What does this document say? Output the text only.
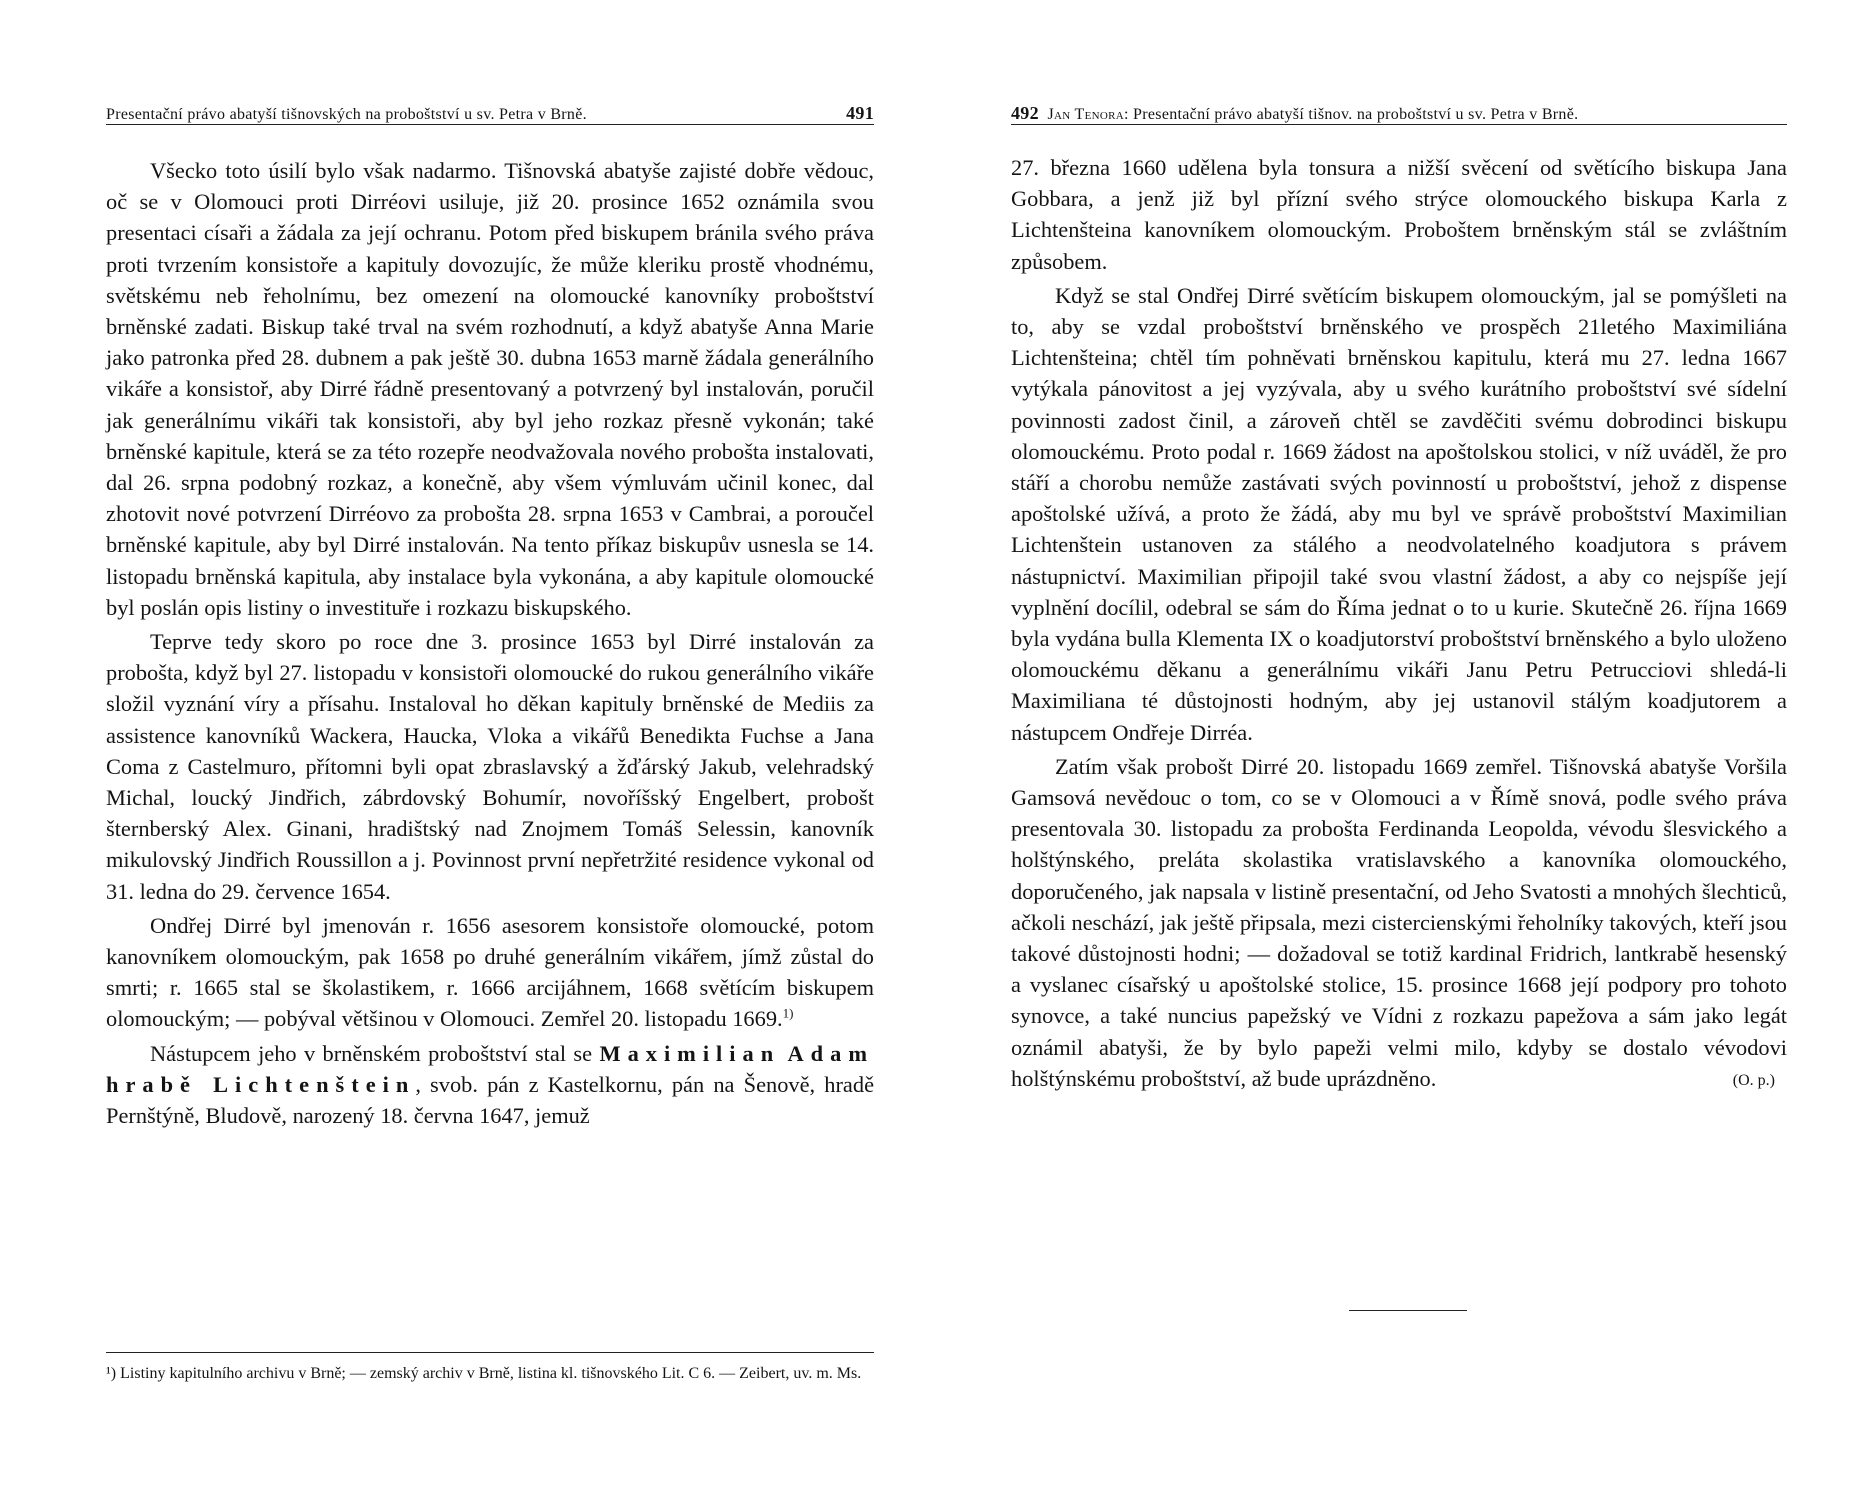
Presentační právo abatyší tišnovských na proboštství u sv. Petra v Brně.	491

Všecko toto úsilí bylo však nadarmo. Tišnovská abatyše zajisté dobře vědouc, oč se v Olomouci proti Dirréovi usiluje, již 20. prosince 1652 oznámila svou presentaci císaři a žádala za její ochranu. Potom před biskupem bránila svého práva proti tvrzením konsistoře a kapituly dovozujíc, že může kleriku prostě vhodnému, světskému neb řeholnímu, bez omezení na olomoucké kanovníky proboštství brněnské zadati. Biskup také trval na svém rozhodnutí, a když abatyše Anna Marie jako patronka před 28. dubnem a pak ještě 30. dubna 1653 marně žádala generálního vikáře a konsistoř, aby Dirré řádně presentovaný a potvrzený byl instalován, poručil jak generálnímu vikáři tak konsistoři, aby byl jeho rozkaz přesně vykonán; také brněnské kapitule, která se za této rozepře neodvažovala nového probošta instalovati, dal 26. srpna podobný rozkaz, a konečně, aby všem výmluvám učinil konec, dal zhotovit nové potvrzení Dirréovo za probošta 28. srpna 1653 v Cambrai, a poroučel brněnské kapitule, aby byl Dirré instalován. Na tento příkaz biskupův usnesla se 14. listopadu brněnská kapitula, aby instalace byla vykonána, a aby kapitule olomoucké byl poslán opis listiny o investituře i rozkazu biskupského.

Teprve tedy skoro po roce dne 3. prosince 1653 byl Dirré instalován za probošta, když byl 27. listopadu v konsistoři olomoucké do rukou generálního vikáře složil vyznání víry a přísahu. Instaloval ho děkan kapituly brněnské de Mediis za assistence kanovníků Wackera, Haucka, Vloka a vikářů Benedikta Fuchse a Jana Coma z Castelmuro, přítomni byli opat zbraslavský a žďárský Jakub, velehradský Michal, loucký Jindřich, zábrdovský Bohumír, novoříšský Engelbert, probošt šternberský Alex. Ginani, hradištský nad Znojmem Tomáš Selessin, kanovník mikulovský Jindřich Roussillon a j. Povinnost první nepřetržité residence vykonal od 31. ledna do 29. července 1654.

Ondřej Dirré byl jmenován r. 1656 asesorem konsistoře olomoucké, potom kanovníkem olomouckým, pak 1658 po druhé generálním vikářem, jímž zůstal do smrti; r. 1665 stal se školastikem, r. 1666 arcijáhnem, 1668 světícím biskupem olomouckým; — pobýval většinou v Olomouci. Zemřel 20. listopadu 1669.$^{1)}$

Nástupcem jeho v brněnském proboštství stal se Maximilian Adam hrabě Lichtenštein, svob. pán z Kastelkornu, pán na Šenově, hradě Pernštýně, Bludově, narozený 18. června 1647, jemuž

¹) Listiny kapitulního archivu v Brně; — zemský archiv v Brně, listina kl. tišnovského Lit. C 6. — Zeibert, uv. m. Ms.
492 Jan Tenora: Presentační právo abatyší tišnov. na proboštství u sv. Petra v Brně.

27. března 1660 udělena byla tonsura a nižší svěcení od světícího biskupa Jana Gobbara, a jenž již byl přízní svého strýce olomouckého biskupa Karla z Lichtenšteina kanovníkem olomouckým. Proboštem brněnským stál se zvláštním způsobem.

Když se stal Ondřej Dirré světícím biskupem olomouckým, jal se pomýšleti na to, aby se vzdal proboštství brněnského ve prospěch 21letého Maximiliána Lichtenšteina; chtěl tím pohněvati brněnskou kapitulu, která mu 27. ledna 1667 vytýkala pánovitost a jej vyzývala, aby u svého kurátního proboštství své sídelní povinnosti zadost činil, a zároveň chtěl se zavděčiti svému dobrodinci biskupu olomouckému. Proto podal r. 1669 žádost na apoštolskou stolici, v níž uváděl, že pro stáří a chorobu nemůže zastávati svých povinností u proboštství, jehož z dispense apoštolské užívá, a proto že žádá, aby mu byl ve správě proboštství Maximilian Lichtenštein ustanoven za stálého a neodvolatelného koadjutora s právem nástupnictví. Maximilian připojil také svou vlastní žádost, a aby co nejspíše její vyplnění docílil, odebral se sám do Říma jednat o to u kurie. Skutečně 26. října 1669 byla vydána bulla Klementa IX o koadjutorství proboštství brněnského a bylo uloženo olomouckému děkanu a generálnímu vikáři Janu Petru Petrucciovi shledá-li Maximiliana té důstojnosti hodným, aby jej ustanovil stálým koadjutorem a nástupcem Ondřeje Dirréa.

Zatím však probošt Dirré 20. listopadu 1669 zemřel. Tišnovská abatyše Voršila Gamsová nevědouc o tom, co se v Olomouci a v Římě snová, podle svého práva presentovala 30. listopadu za probošta Ferdinanda Leopolda, vévodu šlesvického a holštýnského, preláta skolastika vratislavského a kanovníka olomouckého, doporučeného, jak napsala v listině presentační, od Jeho Svatosti a mnohých šlechticů, ačkoli neschází, jak ještě připsala, mezi cistercienskými řeholníky takových, kteří jsou takové důstojnosti hodni; — dožadoval se totiž kardinal Fridrich, lantkrabě hesenský a vyslanec císařský u apoštolské stolice, 15. prosince 1668 její podpory pro tohoto synovce, a také nuncius papežský ve Vídni z rozkazu papežova a sám jako legát oznámil abatyši, že by bylo papeži velmi milo, kdyby se dostalo vévodovi holštýnskému proboštství, až bude uprázdněno.	(O. p.)
